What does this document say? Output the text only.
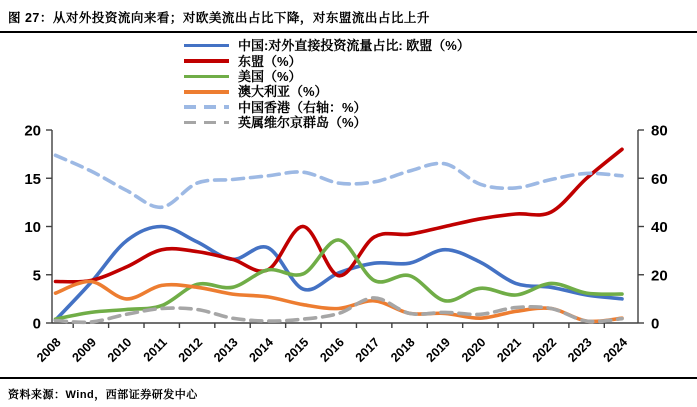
图 27：从对外投资流向来看；对欧美流出占比下降，对东盟流出占比上升
中国:对外直接投资流量占比: 欧盟（%）
东盟（%）
美国（%）
澳大利亚（%）
中国香港（右轴：%）
英属维尔京群岛（%）
0
5
10
15
20
0
20
40
60
80
2008 2009 2010 2011 2012 2013 2014 2015 2016 2017 2018 2019 2020 2021 2022 2023 2024
资料来源：Wind，西部证券研发中心
